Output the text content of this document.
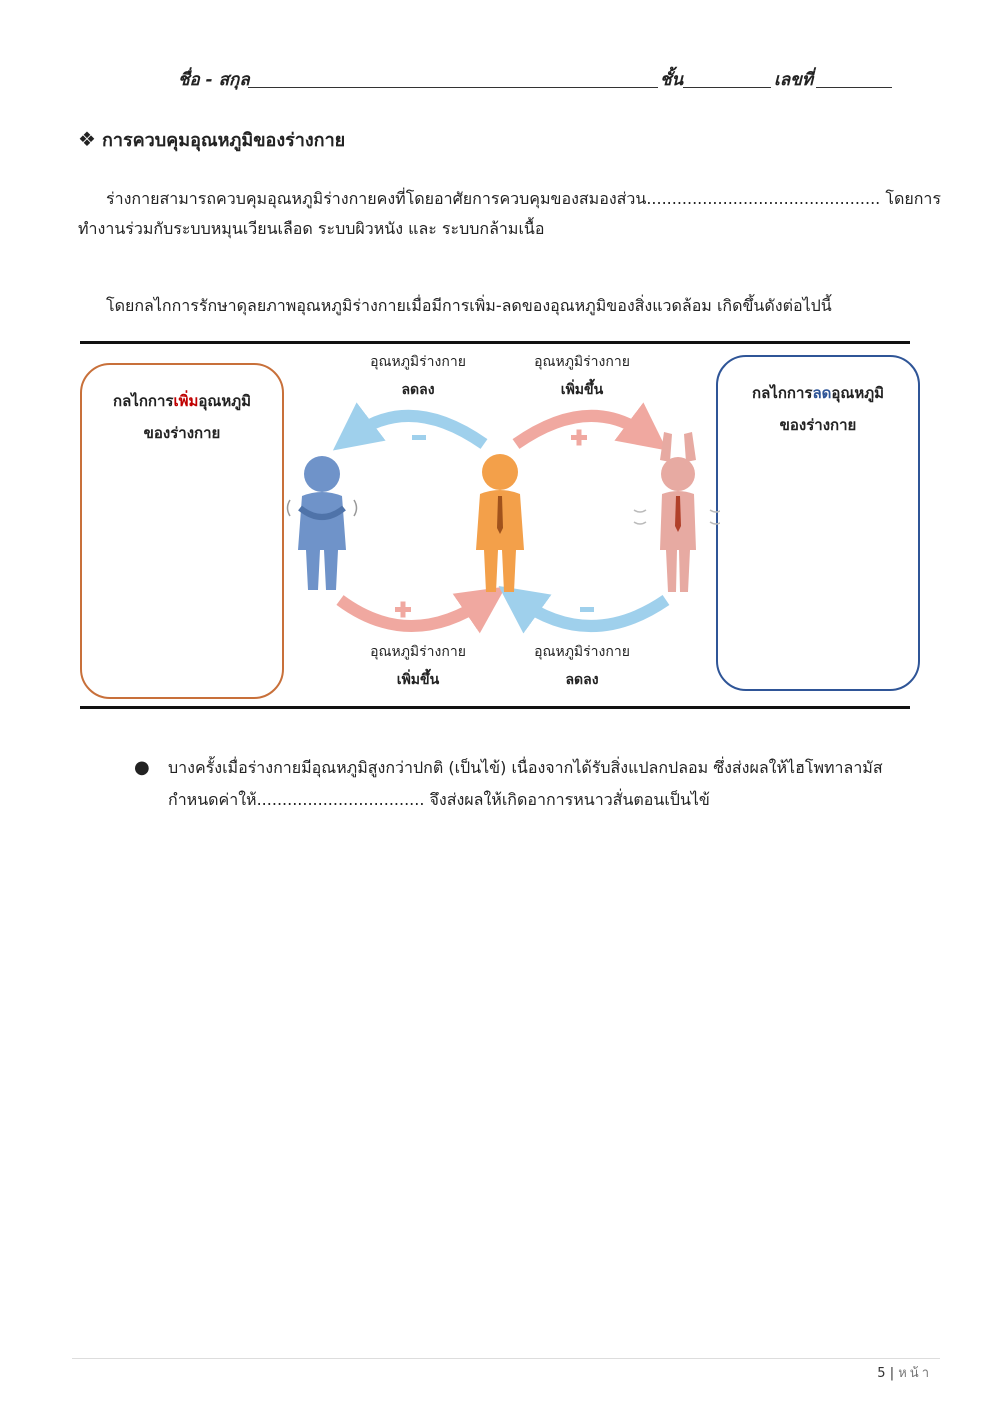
ชื่อ - สกุล	ชั้น	เลขที่
❖ การควบคุมอุณหภูมิของร่างกาย
ร่างกายสามารถควบคุมอุณหภูมิร่างกายคงที่โดยอาศัยการควบคุมของสมองส่วน.............................................. โดยการ
ทำงานร่วมกับระบบหมุนเวียนเลือด ระบบผิวหนัง และ ระบบกล้ามเนื้อ
โดยกลไกการรักษาดุลยภาพอุณหภูมิร่างกายเมื่อมีการเพิ่ม-ลดของอุณหภูมิของสิ่งแวดล้อม เกิดขึ้นดังต่อไปนี้
กลไกการเพิ่มอุณหภูมิ
ของร่างกาย
กลไกการลดอุณหภูมิ
ของร่างกาย
อุณหภูมิร่างกาย
ลดลง
อุณหภูมิร่างกาย
เพิ่มขึ้น
อุณหภูมิร่างกาย
เพิ่มขึ้น
อุณหภูมิร่างกาย
ลดลง
● บางครั้งเมื่อร่างกายมีอุณหภูมิสูงกว่าปกติ (เป็นไข้) เนื่องจากได้รับสิ่งแปลกปลอม ซึ่งส่งผลให้ไฮโพทาลามัส
กำหนดค่าให้................................. จึงส่งผลให้เกิดอาการหนาวสั่นตอนเป็นไข้
5 | หน้า
